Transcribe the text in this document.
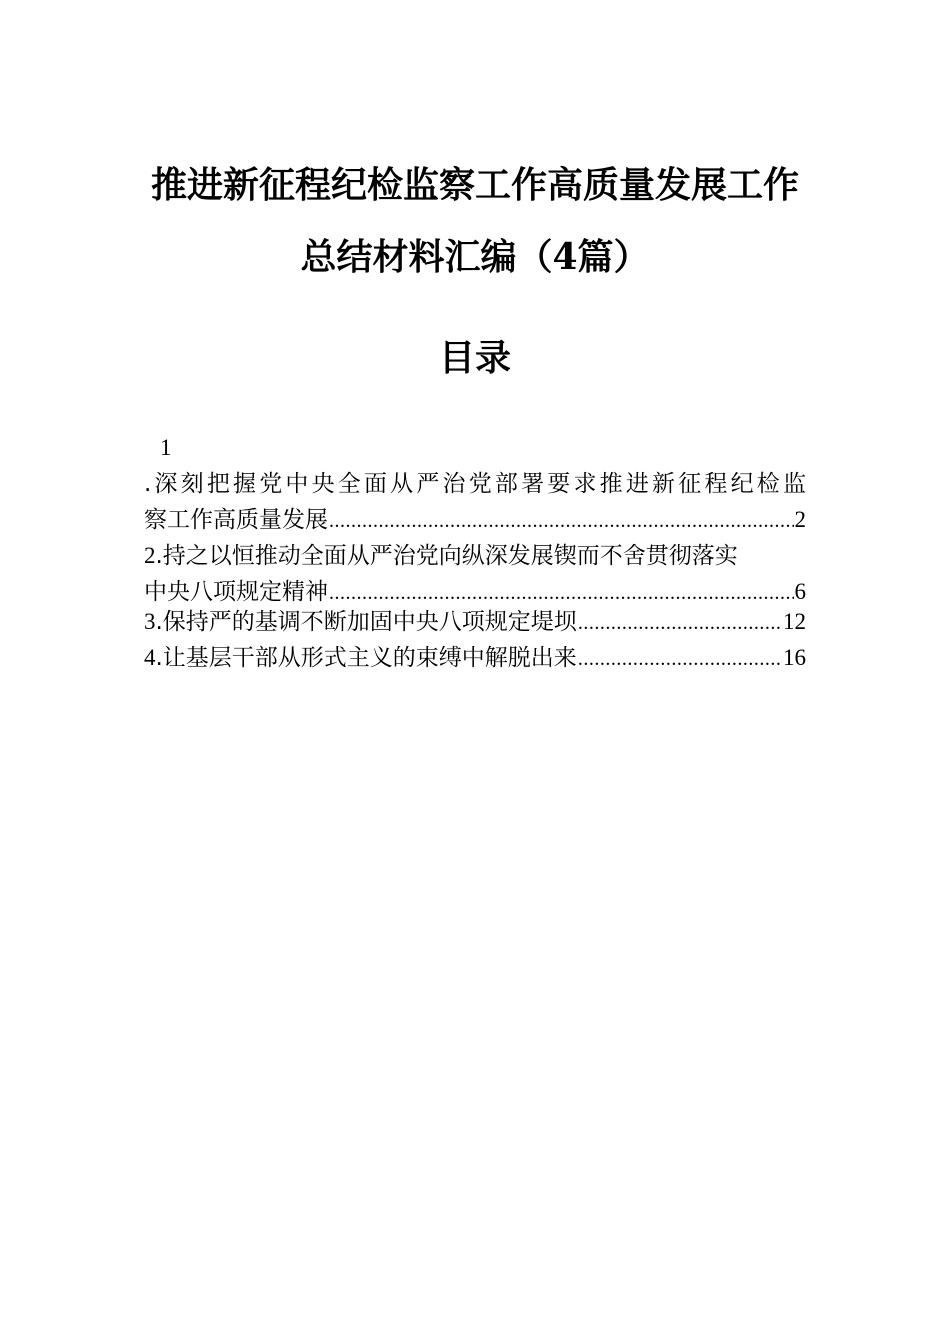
推进新征程纪检监察工作高质量发展工作
总结材料汇编（4篇）
目录
1
.深刻把握党中央全面从严治党部署要求推进新征程纪检监
察工作高质量发展 .....	2
2.持之以恒推动全面从严治党向纵深发展锲而不舍贯彻落实
中央八项规定精神 .....	6
3.保持严的基调不断加固中央八项规定堤坝 .....	12
4.让基层干部从形式主义的束缚中解脱出来 .....	16
